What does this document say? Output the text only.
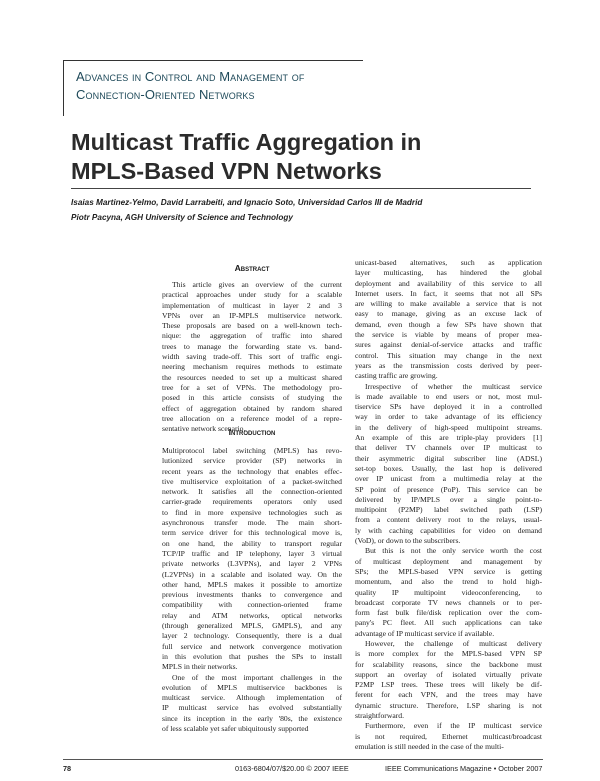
Advances in Control and Management of
Connection-Oriented Networks
Multicast Traffic Aggregation in
MPLS-Based VPN Networks
Isaias Martinez-Yelmo, David Larrabeiti, and Ignacio Soto, Universidad Carlos III de Madrid
Piotr Pacyna, AGH University of Science and Technology
Abstract
This article gives an overview of the current
practical approaches under study for a scalable
implementation of multicast in layer 2 and 3
VPNs over an IP-MPLS multiservice network.
These proposals are based on a well-known tech-
nique: the aggregation of traffic into shared
trees to manage the forwarding state vs. band-
width saving trade-off. This sort of traffic engi-
neering mechanism requires methods to estimate
the resources needed to set up a multicast shared
tree for a set of VPNs. The methodology pro-
posed in this article consists of studying the
effect of aggregation obtained by random shared
tree allocation on a reference model of a repre-
sentative network scenario.
Introduction
Multiprotocol label switching (MPLS) has revo-
lutionized service provider (SP) networks in
recent years as the technology that enables effec-
tive multiservice exploitation of a packet-switched
network. It satisfies all the connection-oriented
carrier-grade requirements operators only used
to find in more expensive technologies such as
asynchronous transfer mode. The main short-
term service driver for this technological move is,
on one hand, the ability to transport regular
TCP/IP traffic and IP telephony, layer 3 virtual
private networks (L3VPNs), and layer 2 VPNs
(L2VPNs) in a scalable and isolated way. On the
other hand, MPLS makes it possible to amortize
previous investments thanks to convergence and
compatibility with connection-oriented frame
relay and ATM networks, optical networks
(through generalized MPLS, GMPLS), and any
layer 2 technology. Consequently, there is a dual
full service and network convergence motivation
in this evolution that pushes the SPs to install
MPLS in their networks.
One of the most important challenges in the
evolution of MPLS multiservice backbones is
multicast service. Although implementation of
IP multicast service has evolved substantially
since its inception in the early '80s, the existence
of less scalable yet safer ubiquitously supported
unicast-based alternatives, such as application
layer multicasting, has hindered the global
deployment and availability of this service to all
Internet users. In fact, it seems that not all SPs
are willing to make available a service that is not
easy to manage, giving as an excuse lack of
demand, even though a few SPs have shown that
the service is viable by means of proper mea-
sures against denial-of-service attacks and traffic
control. This situation may change in the next
years as the transmission costs derived by peer-
casting traffic are growing.
Irrespective of whether the multicast service
is made available to end users or not, most mul-
tiservice SPs have deployed it in a controlled
way in order to take advantage of its efficiency
in the delivery of high-speed multipoint streams.
An example of this are triple-play providers [1]
that deliver TV channels over IP multicast to
their asymmetric digital subscriber line (ADSL)
set-top boxes. Usually, the last hop is delivered
over IP unicast from a multimedia relay at the
SP point of presence (PoP). This service can be
delivered by IP/MPLS over a single point-to-
multipoint (P2MP) label switched path (LSP)
from a content delivery root to the relays, usual-
ly with caching capabilities for video on demand
(VoD), or down to the subscribers.
But this is not the only service worth the cost
of multicast deployment and management by
SPs; the MPLS-based VPN service is getting
momentum, and also the trend to hold high-
quality IP multipoint videoconferencing, to
broadcast corporate TV news channels or to per-
form fast bulk file/disk replication over the com-
pany's PC fleet. All such applications can take
advantage of IP multicast service if available.
However, the challenge of multicast delivery
is more complex for the MPLS-based VPN SP
for scalability reasons, since the backbone must
support an overlay of isolated virtually private
P2MP LSP trees. These trees will likely be dif-
ferent for each VPN, and the trees may have
dynamic structure. Therefore, LSP sharing is not
straightforward.
Furthermore, even if the IP multicast service
is not required, Ethernet multicast/broadcast
emulation is still needed in the case of the multi-
78	0163-6804/07/$20.00 © 2007 IEEE	IEEE Communications Magazine • October 2007
